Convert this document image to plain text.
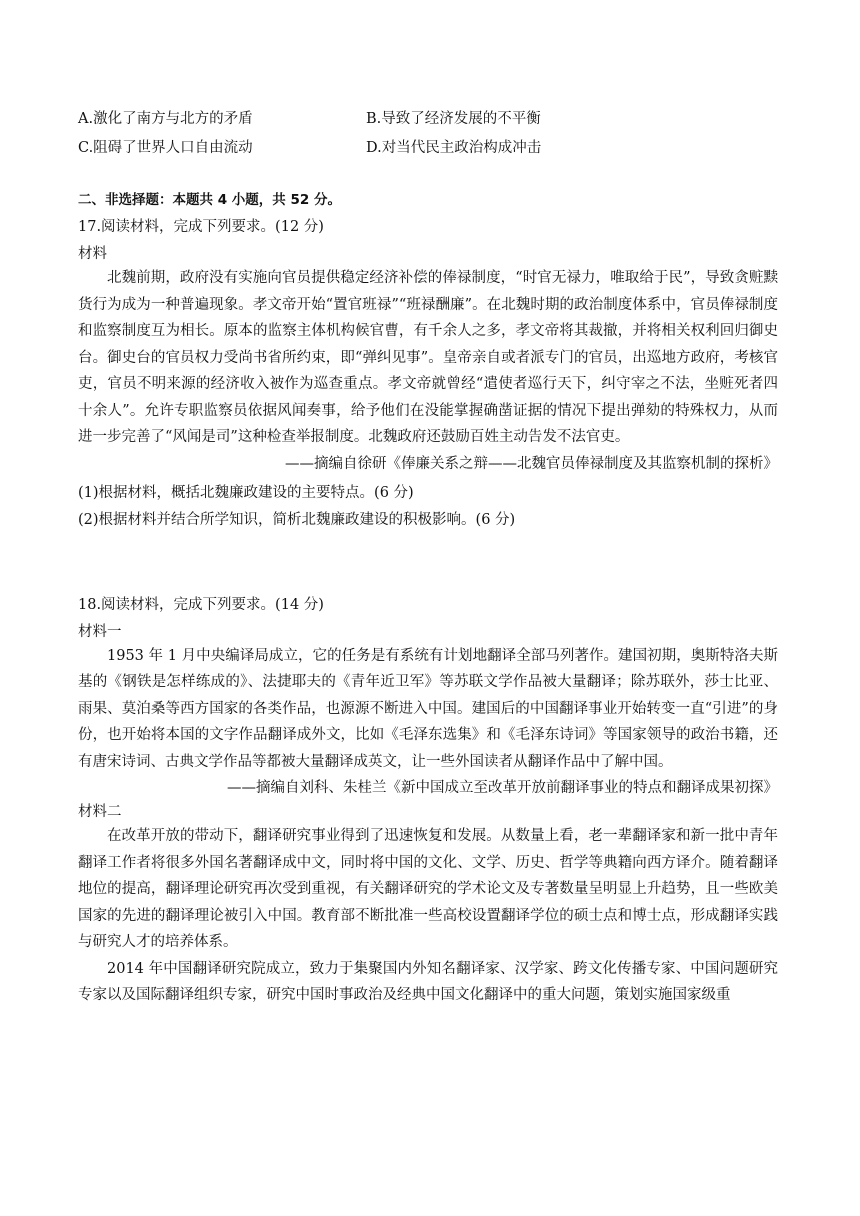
A.激化了南方与北方的矛盾	B.导致了经济发展的不平衡
C.阻碍了世界人口自由流动	D.对当代民主政治构成冲击
二、非选择题：本题共 4 小题，共 52 分。
17.阅读材料，完成下列要求。(12 分)
材料

北魏前期，政府没有实施向官员提供稳定经济补偿的俸禄制度，“时官无禄力，唯取给于民”，导致贪赃黩货行为成为一种普遍现象。孝文帝开始“置官班禄”“班禄酬廉”。在北魏时期的政治制度体系中，官员俸禄制度和监察制度互为相长。原本的监察主体机构候官曹，有千余人之多，孝文帝将其裁撤，并将相关权利回归御史台。御史台的官员权力受尚书省所约束，即“弹纠见事”。皇帝亲自或者派专门的官员，出巡地方政府，考核官吏，官员不明来源的经济收入被作为巡查重点。孝文帝就曾经“遣使者巡行天下，纠守宰之不法，坐赃死者四十余人”。允许专职监察员依据风闻奏事，给予他们在没能掌握确凿证据的情况下提出弹劾的特殊权力，从而进一步完善了“风闻是司”这种检查举报制度。北魏政府还鼓励百姓主动告发不法官吏。

——摘编自徐研《俸廉关系之辩——北魏官员俸禄制度及其监察机制的探析》

(1)根据材料，概括北魏廉政建设的主要特点。(6 分)
(2)根据材料并结合所学知识，简析北魏廉政建设的积极影响。(6 分)
18.阅读材料，完成下列要求。(14 分)
材料一

1953 年 1 月中央编译局成立，它的任务是有系统有计划地翻译全部马列著作。建国初期，奥斯特洛夫斯基的《钢铁是怎样练成的》、法捷耶夫的《青年近卫军》等苏联文学作品被大量翻译；除苏联外，莎士比亚、雨果、莫泊桑等西方国家的各类作品，也源源不断进入中国。建国后的中国翻译事业开始转变一直“引进”的身份，也开始将本国的文字作品翻译成外文，比如《毛泽东选集》和《毛泽东诗词》等国家领导的政治书籍，还有唐宋诗词、古典文学作品等都被大量翻译成英文，让一些外国读者从翻译作品中了解中国。

——摘编自刘科、朱桂兰《新中国成立至改革开放前翻译事业的特点和翻译成果初探》

材料二

在改革开放的带动下，翻译研究事业得到了迅速恢复和发展。从数量上看，老一辈翻译家和新一批中青年翻译工作者将很多外国名著翻译成中文，同时将中国的文化、文学、历史、哲学等典籍向西方译介。随着翻译地位的提高，翻译理论研究再次受到重视，有关翻译研究的学术论文及专著数量呈明显上升趋势，且一些欧美国家的先进的翻译理论被引入中国。教育部不断批准一些高校设置翻译学位的硕士点和博士点，形成翻译实践与研究人才的培养体系。

2014 年中国翻译研究院成立，致力于集聚国内外知名翻译家、汉学家、跨文化传播专家、中国问题研究专家以及国际翻译组织专家，研究中国时事政治及经典中国文化翻译中的重大问题，策划实施国家级重
